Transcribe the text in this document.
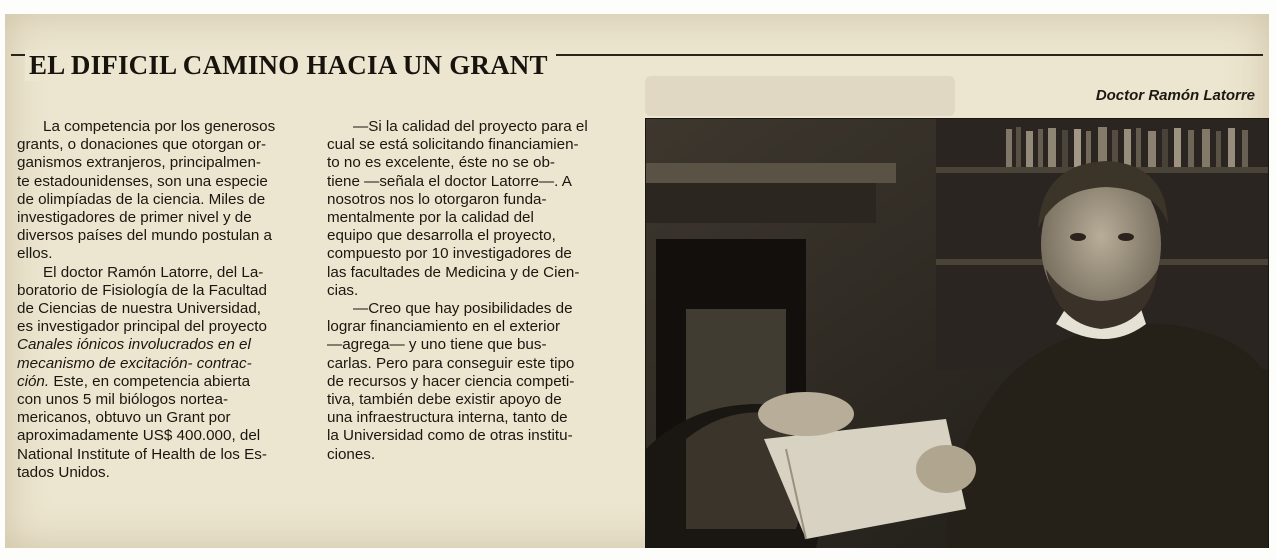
EL DIFICIL CAMINO HACIA UN GRANT
Doctor Ramón Latorre

La competencia por los generosos

grants, o donaciones que otorgan or-

ganismos extranjeros, principalmen-

te estadounidenses, son una especie

de olimpíadas de la ciencia. Miles de

investigadores de primer nivel y de

diversos países del mundo postulan a

ellos.

El doctor Ramón Latorre, del La-

boratorio de Fisiología de la Facultad

de Ciencias de nuestra Universidad,

es investigador principal del proyecto

Canales iónicos involucrados en el

mecanismo de excitación- contrac-

ción. Este, en competencia abierta

con unos 5 mil biólogos nortea-

mericanos, obtuvo un Grant por

aproximadamente US$ 400.000, del

National Institute of Health de los Es-

tados Unidos.

—Si la calidad del proyecto para el

cual se está solicitando financiamien-

to no es excelente, éste no se ob-

tiene —señala el doctor Latorre—. A

nosotros nos lo otorgaron funda-

mentalmente por la calidad del

equipo que desarrolla el proyecto,

compuesto por 10 investigadores de

las facultades de Medicina y de Cien-

cias.

—Creo que hay posibilidades de

lograr financiamiento en el exterior

—agrega— y uno tiene que bus-

carlas. Pero para conseguir este tipo

de recursos y hacer ciencia competi-

tiva, también debe existir apoyo de

una infraestructura interna, tanto de

la Universidad como de otras institu-

ciones.
